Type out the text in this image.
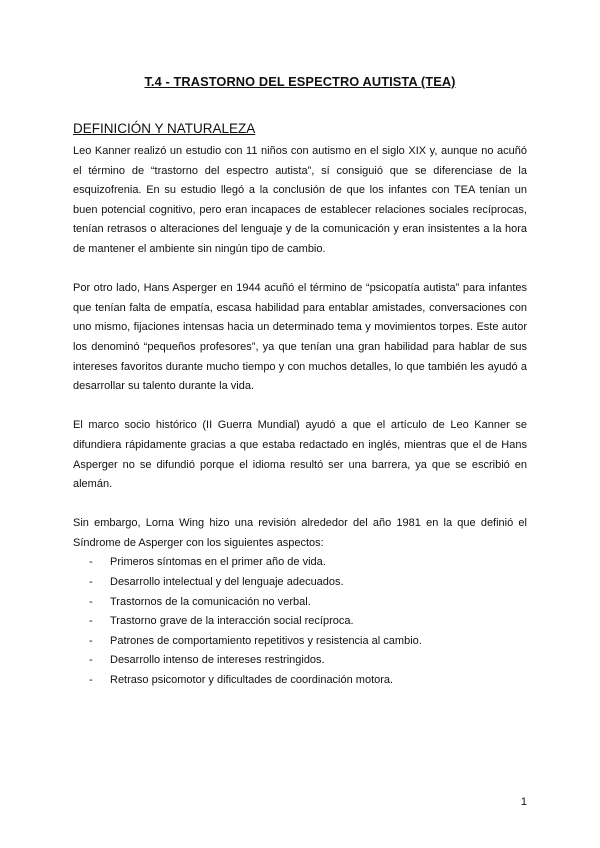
T.4 - TRASTORNO DEL ESPECTRO AUTISTA (TEA)
DEFINICIÓN Y NATURALEZA

Leo Kanner realizó un estudio con 11 niños con autismo en el siglo XIX y, aunque no acuñó el término de “trastorno del espectro autista”, sí consiguió que se diferenciase de la esquizofrenia. En su estudio llegó a la conclusión de que los infantes con TEA tenían un buen potencial cognitivo, pero eran incapaces de establecer relaciones sociales recíprocas, tenían retrasos o alteraciones del lenguaje y de la comunicación y eran insistentes a la hora de mantener el ambiente sin ningún tipo de cambio.

Por otro lado, Hans Asperger en 1944 acuñó el término de “psicopatía autista” para infantes que tenían falta de empatía, escasa habilidad para entablar amistades, conversaciones con uno mismo, fijaciones intensas hacia un determinado tema y movimientos torpes. Este autor los denominó “pequeños profesores”, ya que tenían una gran habilidad para hablar de sus intereses favoritos durante mucho tiempo y con muchos detalles, lo que también les ayudó a desarrollar su talento durante la vida.

El marco socio histórico (II Guerra Mundial) ayudó a que el artículo de Leo Kanner se difundiera rápidamente gracias a que estaba redactado en inglés, mientras que el de Hans Asperger no se difundió porque el idioma resultó ser una barrera, ya que se escribió en alemán.

Sin embargo, Lorna Wing hizo una revisión alrededor del año 1981 en la que definió el Síndrome de Asperger con los siguientes aspectos:

- Primeros síntomas en el primer año de vida.
- Desarrollo intelectual y del lenguaje adecuados.
- Trastornos de la comunicación no verbal.
- Trastorno grave de la interacción social recíproca.
- Patrones de comportamiento repetitivos y resistencia al cambio.
- Desarrollo intenso de intereses restringidos.
- Retraso psicomotor y dificultades de coordinación motora.
1
